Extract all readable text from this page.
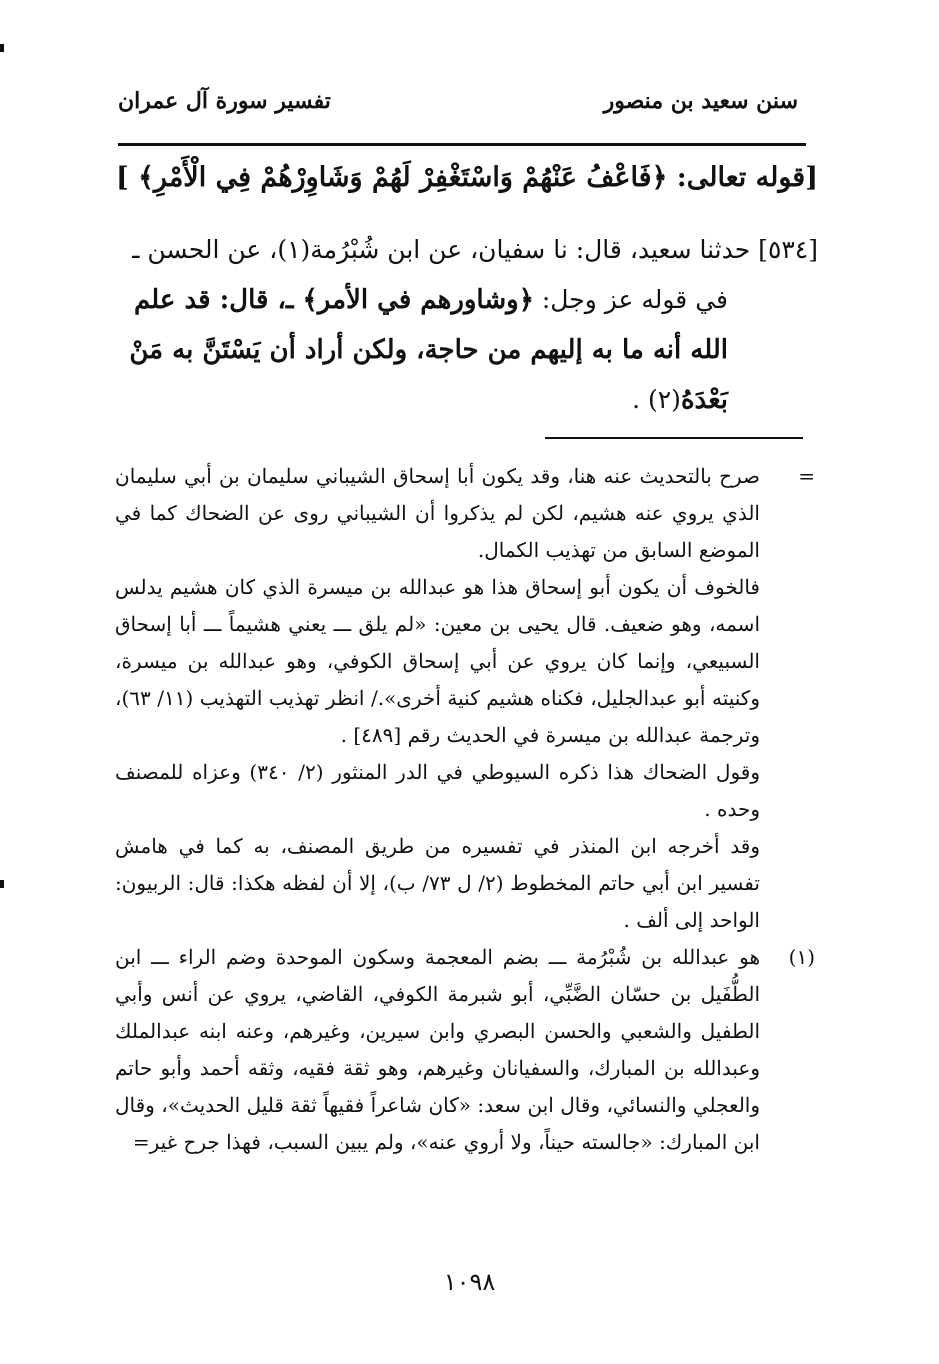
سنن سعيد بن منصور
تفسير سورة آل عمران
[قوله تعالى: ﴿فَاعْفُ عَنْهُمْ وَاسْتَغْفِرْ لَهُمْ وَشَاوِرْهُمْ فِي الْأَمْرِ﴾ ]

[٥٣٤] حدثنا سعيد، قال: نا سفيان، عن ابن شُبْرُمة(١)، عن الحسن ـ

في قوله عز وجل: ﴿وشاورهم في الأمر﴾ ـ، قال: قد علم

الله أنه ما به إليهم من حاجة، ولكن أراد أن يَسْتَنَّ به مَنْ

بَعْدَهُ(٢) .

=
صرح بالتحديث عنه هنا، وقد يكون أبا إسحاق الشيباني سليمان بن أبي سليمان الذي يروي عنه هشيم، لكن لم يذكروا أن الشيباني روى عن الضحاك كما في الموضع السابق من تهذيب الكمال.

فالخوف أن يكون أبو إسحاق هذا هو عبدالله بن ميسرة الذي كان هشيم يدلس اسمه، وهو ضعيف. قال يحيى بن معين: «لم يلق ـــ يعني هشيماً ـــ أبا إسحاق السبيعي، وإنما كان يروي عن أبي إسحاق الكوفي، وهو عبدالله بن ميسرة، وكنيته أبو عبدالجليل، فكناه هشيم كنية أخرى»./ انظر تهذيب التهذيب (١١/ ٦٣)، وترجمة عبدالله بن ميسرة في الحديث رقم [٤٨٩] .

وقول الضحاك هذا ذكره السيوطي في الدر المنثور (٢/ ٣٤٠) وعزاه للمصنف وحده .

وقد أخرجه ابن المنذر في تفسيره من طريق المصنف، به كما في هامش تفسير ابن أبي حاتم المخطوط (٢/ ل ٧٣/ ب)، إلا أن لفظه هكذا: قال: الربيون: الواحد إلى ألف .

(١)
هو عبدالله بن شُبْرُمة ـــ بضم المعجمة وسكون الموحدة وضم الراء ـــ ابن الطُّفَيل بن حسّان الضَّبِّي، أبو شبرمة الكوفي، القاضي، يروي عن أنس وأبي الطفيل والشعبي والحسن البصري وابن سيرين، وغيرهم، وعنه ابنه عبدالملك وعبدالله بن المبارك، والسفيانان وغيرهم، وهو ثقة فقيه، وثقه أحمد وأبو حاتم والعجلي والنسائي، وقال ابن سعد: «كان شاعراً فقيهاً ثقة قليل الحديث»، وقال ابن المبارك: «جالسته حيناً، ولا أروي عنه»، ولم يبين السبب، فهذا جرح غير=

١٠٩٨
